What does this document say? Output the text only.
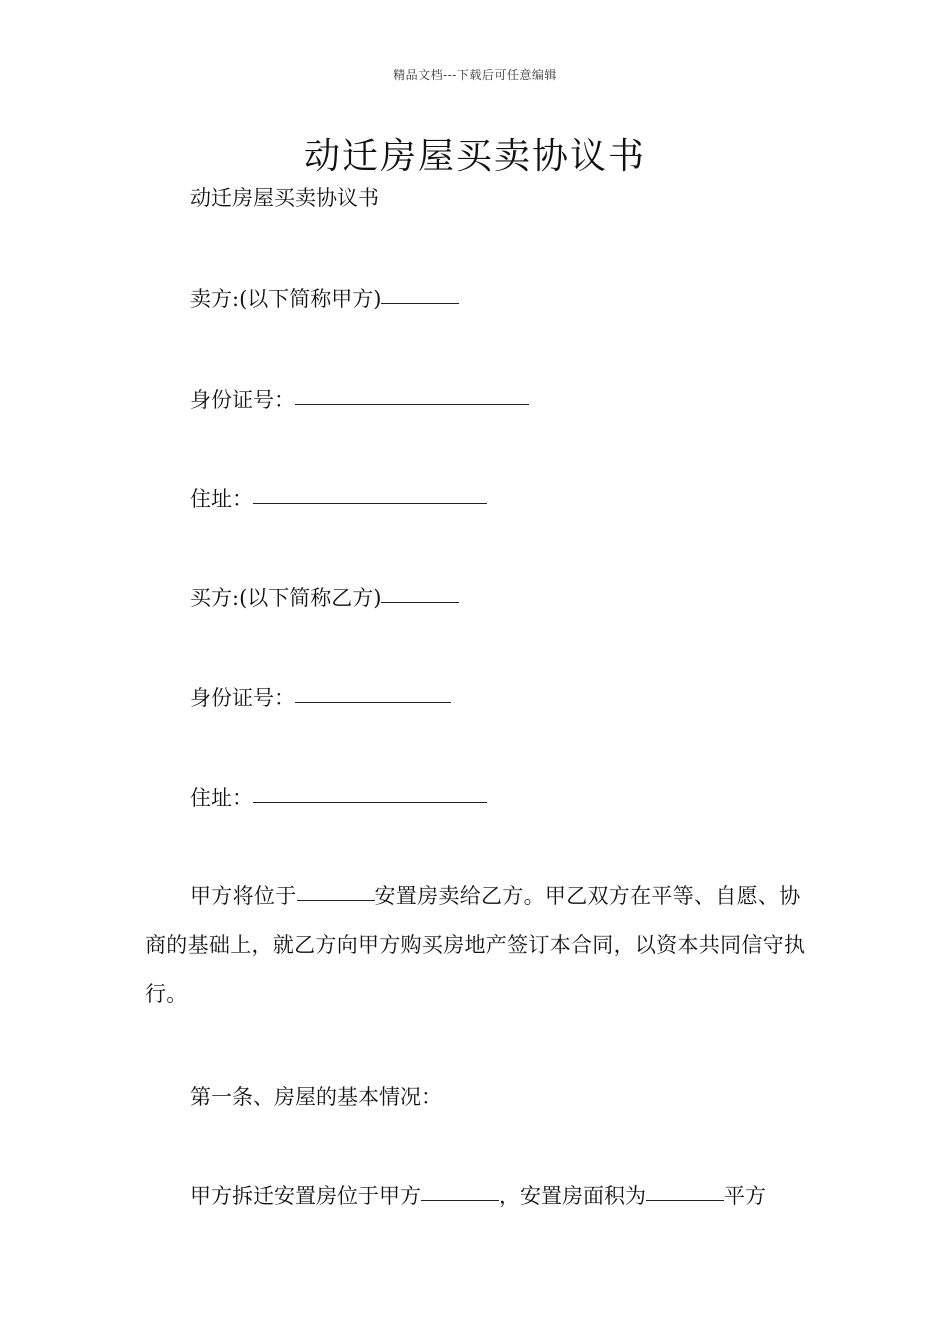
精品文档---下载后可任意编辑
动迁房屋买卖协议书
动迁房屋买卖协议书
卖方:(以下简称甲方)
身份证号：
住址：
买方:(以下简称乙方)
身份证号：
住址：
甲方将位于	安置房卖给乙方。甲乙双方在平等、自愿、协商的基础上，就乙方向甲方购买房地产签订本合同，以资本共同信守执行。
第一条、房屋的基本情况：
甲方拆迁安置房位于甲方	，安置房面积为	平方
